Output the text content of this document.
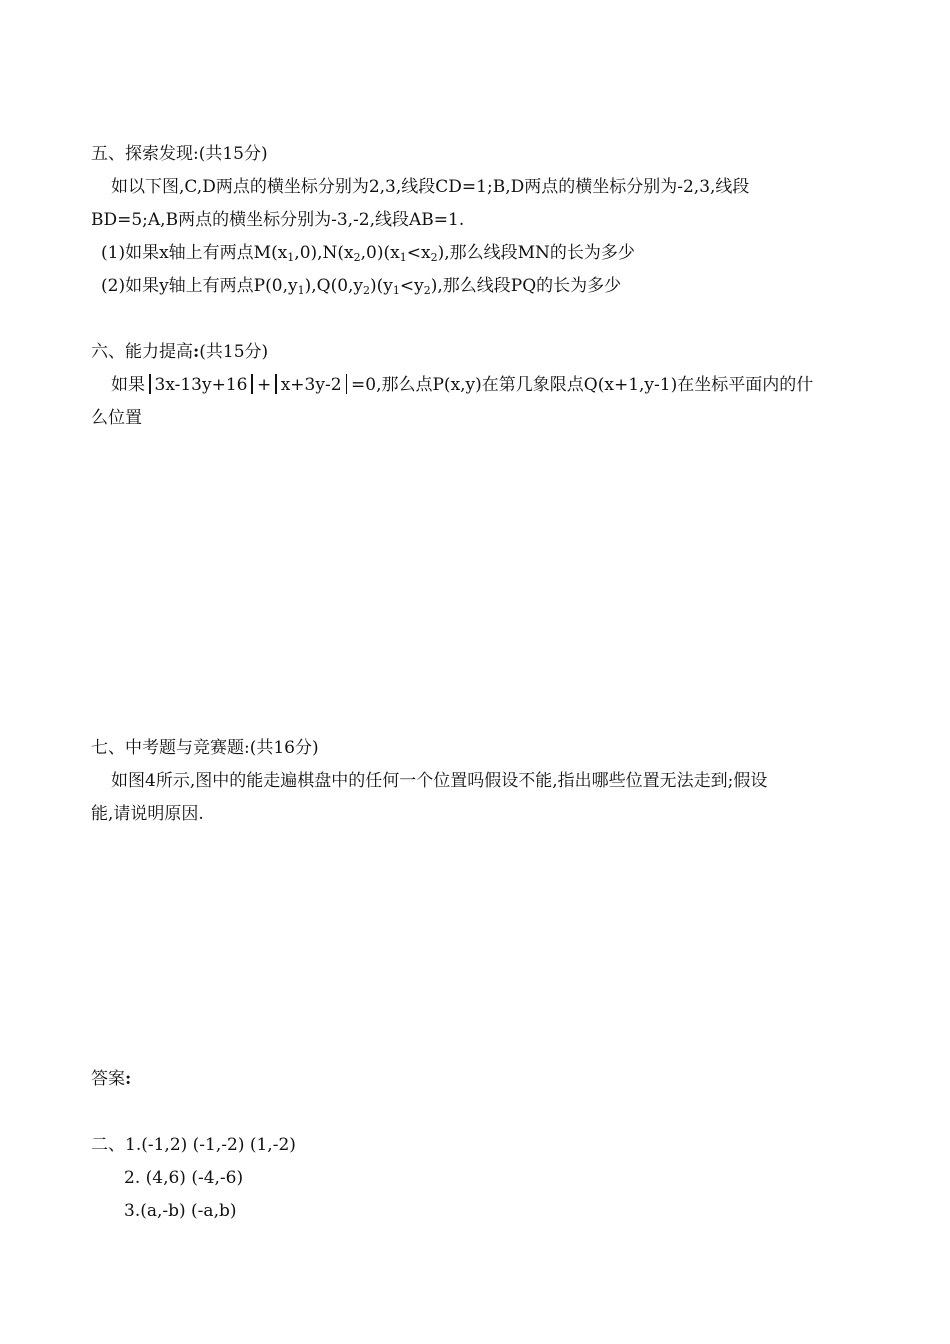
五、探索发现:(共15分)
如以下图,C,D两点的横坐标分别为2,3,线段CD=1;B,D两点的横坐标分别为-2,3,线段
BD=5;A,B两点的横坐标分别为-3,-2,线段AB=1.
(1)如果x轴上有两点$M(x_1,0),N(x_2,0)(x_1<x_2)$,那么线段MN的长为多少
(2)如果y轴上有两点$P(0,y_1),Q(0,y_2)(y_1<y_2)$,那么线段PQ的长为多少
六、能力提高:(共15分)
如果 3x-13y+16 + x+3y-2 =0,那么点P(x,y)在第几象限点Q(x+1,y-1)在坐标平面内的什
么位置
七、中考题与竞赛题:(共16分)
如图4所示,图中的能走遍棋盘中的任何一个位置吗假设不能,指出哪些位置无法走到;假设
能,请说明原因.
答案:
二、1.(-1,2) (-1,-2) (1,-2)
2. (4,6) (-4,-6)
3.(a,-b) (-a,b)
